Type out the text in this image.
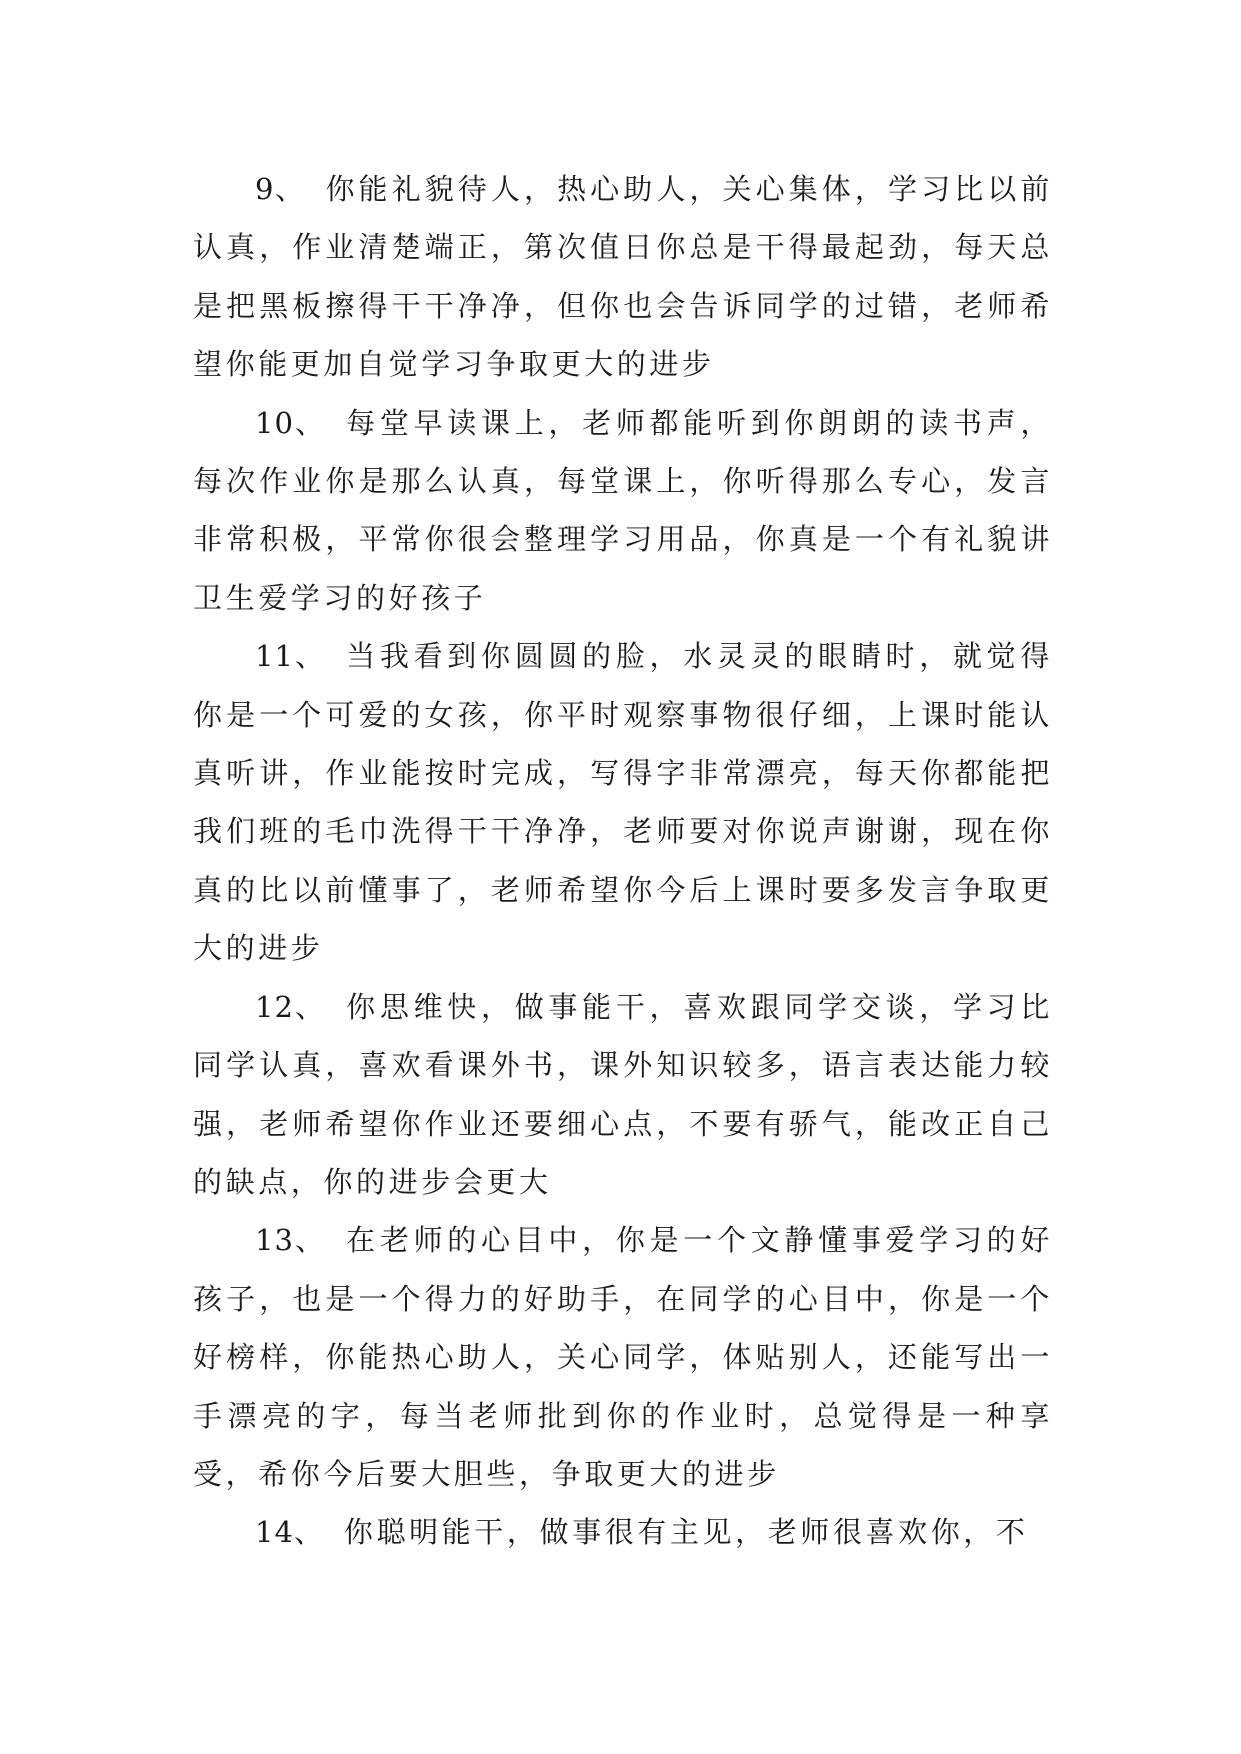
9、 你能礼貌待人，热心助人，关心集体，学习比以前认真，作业清楚端正，第次值日你总是干得最起劲，每天总是把黑板擦得干干净净，但你也会告诉同学的过错，老师希望你能更加自觉学习争取更大的进步

10、 每堂早读课上，老师都能听到你朗朗的读书声，每次作业你是那么认真，每堂课上，你听得那么专心，发言非常积极，平常你很会整理学习用品，你真是一个有礼貌讲卫生爱学习的好孩子

11、 当我看到你圆圆的脸，水灵灵的眼睛时，就觉得你是一个可爱的女孩，你平时观察事物很仔细，上课时能认真听讲，作业能按时完成，写得字非常漂亮，每天你都能把我们班的毛巾洗得干干净净，老师要对你说声谢谢，现在你真的比以前懂事了，老师希望你今后上课时要多发言争取更大的进步

12、 你思维快，做事能干，喜欢跟同学交谈，学习比同学认真，喜欢看课外书，课外知识较多，语言表达能力较强，老师希望你作业还要细心点，不要有骄气，能改正自己的缺点，你的进步会更大

13、 在老师的心目中，你是一个文静懂事爱学习的好孩子，也是一个得力的好助手，在同学的心目中，你是一个好榜样，你能热心助人，关心同学，体贴别人，还能写出一手漂亮的字，每当老师批到你的作业时，总觉得是一种享受，希你今后要大胆些，争取更大的进步

14、 你聪明能干，做事很有主见，老师很喜欢你，不
